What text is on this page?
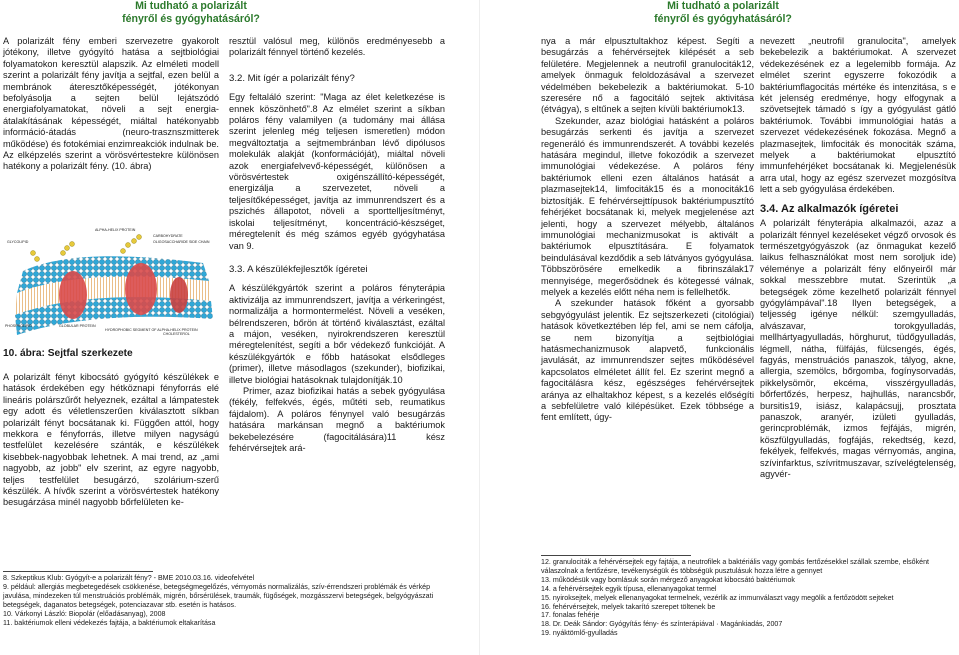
Mi tudható a polarizált fényről és gyógyhatásáról?

A polarizált fény emberi szervezetre gyakorolt jótékony, illetve gyógyító hatása a sejtbiológiai folyamatokon keresztül alapszik. Az elméleti modell szerint a polarizált fény javítja a sejtfal, ezen belül a membránok áteresztőképességét, jótékonyan befolyásolja a sejten belül lejátszódó energiafolyamatokat, növeli a sejt energia-átalakításának képességét, miáltal hatékonyabb információ-átadás (neuro-trasznszmitterek működése) és fotokémiai enzimreakciók indulnak be. Az elképzelés szerint a vörösvértestekre különösen hatékony a polarizált fény. (10. ábra)

GLYCOLIPID
ALPHA-HELIX PROTEIN
CARBOHYDRATE
OLIGOSACCHARIDE SIDE CHAIN
PHOSPHOLIPID	GLOBULAR PROTEIN
HYDROPHOBIC SEGMENT OF ALPHA-HELIX PROTEIN
CHOLESTEROL
10. ábra: Sejtfal szerkezete

A polarizált fényt kibocsátó gyógyító készülékek e hatások érdekében egy hétköznapi fényforrás elé lineáris polárszűrőt helyeznek, ezáltal a lámpatestek egy adott és véletlenszerűen kiválasztott síkban polarizált fényt bocsátanak ki. Függően attól, hogy mekkora e fényforrás, illetve milyen nagyságú testfelület kezelésére szánták, e készülékek kisebbek-nagyobbak lehetnek. A mai trend, az „ami nagyobb, az jobb" elv szerint, az egyre nagyobb, teljes testfelület besugárzó, szolárium-szerű készülék. A hívők szerint a vörösvértestek hatékony besugárzása minél nagyobb bőrfelületen ke-

resztül valósul meg, különös eredményesebb a polarizált fénnyel történő kezelés.

3.2. Mit ígér a polarizált fény?

Egy feltaláló szerint: "Maga az élet keletkezése is ennek köszönhető".8 Az elmélet szerint a síkban poláros fény valamilyen (a tudomány mai állása szerint jelenleg még teljesen ismeretlen) módon megváltoztatja a sejtmembránban lévő dipólusos molekulák alakját (konformációját), miáltal növeli azok energiafelvevő-képességét, különösen a vörösvértestek oxigénszállító-képességét, energizálja a szervezetet, növeli a teljesítőképességet, javítja az immunrendszert és a pszichés állapotot, növeli a sporttelljesítményt, iskolai teljesítményt, koncentráció-készséget, méregtelenít és még számos egyéb gyógyhatása van 9.

3.3. A készülékfejlesztők ígéretei

A készülékgyártók szerint a poláros fényterápia aktivizálja az immunrendszert, javítja a vérkeringést, normalizálja a hormontermelést. Növeli a veséken, bélrendszeren, bőrön át történő kiválasztást, ezáltal a májon, veséken, nyirokrendszeren keresztül méregtelenítést, segíti a bőr védekező funkcióját. A készülékgyártók e főbb hatásokat elsődleges (primer), illetve másodlagos (szekunder), biofizikai, illetve biológiai hatásoknak tulajdonítják.10

Primer, azaz biofizikai hatás a sebek gyógyulása (fékély, felfekvés, égés, műtéti seb, reumatikus fájdalom). A poláros fénynyel való besugárzás hatására markánsan megnő a baktériumok bekebelezésére (fagocitálására)11 kész fehérvérsejtek ará-

8. Szkeptikus Klub: Gyógyít-e a polarizált fény? - BME 2010.03.16. videofelvétel

9. például: allergiás megbetegedések csökkenése, betegségmegelőzés, vérnyomás normalizálás, szív-érrendszeri problémák és vérkép javulása, mindezeken túl menstruációs problémák, migrén, bőrsérülések, traumák, fügőségek, mozgásszervi betegségek, belgyógyászati betegségek, daganatos betegségek, potenciazavar stb. esetén is hatásos.

10. Várkonyi László: Biopolár (előadásanyag), 2008

11. baktériumok elleni védekezés fajtája, a baktériumok eltakarítása

Mi tudható a polarizált fényről és gyógyhatásáról?

nya a már elpusztultakhoz képest. Segíti a besugárzás a fehérvérsejtek kilépését a seb felületére. Megjelennek a neutrofil granulociták12, amelyek önmaguk feloldozásával a szervezet védelmében bekebelezik a baktériumokat. 5-10 szeresére nő a fagocitáló sejtek aktivitása (étvágya), s eltűnek a sejten kívüli baktériumok13.

Szekunder, azaz biológiai hatásként a poláros besugárzás serkenti és javítja a szervezet regeneráló és immunrendszerét. A további kezelés hatására megindul, illetve fokozódik a szervezet immunológiai védekezése. A poláros fény baktériumok elleni ezen általános hatását a plazmasejtek14, limfociták15 és a monociták16 biztosítják. E fehérvérsejttípusok baktériumpusztító fehérjéket bocsátanak ki, melyek megjelenése azt jelenti, hogy a szervezet mélyebb, általános immunológiai mechanizmusokat is aktivált a baktériumok elpusztítására. E folyamatok beindulásával kezdődik a seb látványos gyógyulása. Többszörösére emelkedik a fibrinszálak17 mennyisége, megerősödnek és kötegessé válnak, melyek a kezelés előtt néha nem is fellelhetők.

A szekunder hatások főként a gyorsabb sebgyógyulást jelentik. Ez sejtszerkezeti (citológiai) hatások következtében lép fel, ami se nem cáfolja, se nem bizonyítja a sejtbiológiai hatásmechanizmusok alapvető, funkcionális javulását, az immunrendszer sejtes működésével kapcsolatos elméletet állít fel. Ez szerint megnő a fagocitálásra kész, egészséges fehérvérsejtek aránya az elhaltakhoz képest, s a kezelés előségíti a sebfelületre való kilépésüket. Ezek többsége a fent említett, úgy-

nevezett „neutrofil granulocita", amelyek bekebelezik a baktériumokat. A szervezet védekezésének ez a legelemibb formája. Az elmélet szerint egyszerre fokozódik a baktériumflagocitás mértéke és intenzitása, s e két jelenség eredménye, hogy elfogynak a szövetsejtek támadó s így a gyógyulást gátló baktériumok. További immunológiai hatás a szervezet védekezésének fokozása. Megnő a plazmasejtek, limfociták és monociták száma, melyek a baktériumokat elpusztító immunfehérjéket bocsátanak ki. Megjelenésük arra utal, hogy az egész szervezet mozgósítva lett a seb gyógyulása érdekében.

3.4. Az alkalmazók ígéretei

A polarizált fényterápia alkalmazói, azaz a polarizált fénnyel kezeléseket végző orvosok és természetgyógyászok (az önmagukat kezelő laikus felhasználókat most nem soroljuk ide) véleménye a polarizált fény előnyeiről már sokkal messzebbre mutat. Szerintük „a betegségek zöme kezelhető polarizált fénnyel gyógylámpával".18 Ilyen betegségek, a teljesség igénye nélkül: szemgyulladás, alvászavar, torokgyulladás, mellhártyagyulladás, hörghurut, tüdőgyulladás, légmell, nátha, fülfájás, fülcsengés, égés, fagyás, menstruációs panaszok, tályog, akne, allergia, szemölcs, bőrgomba, fogínysorvadás, pikkelysömör, ekcéma, visszérgyulladás, bőrfertőzés, herpesz, hajhullás, narancsbőr, bursitis19, isiász, kalapácsujj, prosztata panaszok, aranyér, izületi gyulladás, gerincproblémák, izmos fejfájás, migrén, köszfülgyulladás, fogfájás, rekedtség, kezd, fekélyek, felfekvés, magas vérnyomás, angina, szívinfarktus, szívritmuszavar, szívelégtelenség, agyvér-

12. granulociták a fehérvérsejtek egy fajtája, a neutrofilek a baktériális vagy gombás fertőzésekkel szállak szembe, elsőként válaszolnak a fertőzésre, tevékenységük és többségük pusztulásuk hozza létre a gennyet

13. működésük vagy bomlásuk során mérgező anyagokat kibocsátó baktériumok

14. a fehérvérsejtek egyik típusa, ellenanyagokat termel

15. nyiroksejtek, melyek ellenanyagokat termelnek, vezérlik az immunválaszt vagy megölik a fertőzödött sejteket

16. fehérvérsejtek, melyek takarító szerepet töltenek be

17. fonalas fehérje

18. Dr. Deák Sándor: Gyógyítás fény- és színterápiával · Magánkiadás, 2007

19. nyáktömlő-gyulladás
